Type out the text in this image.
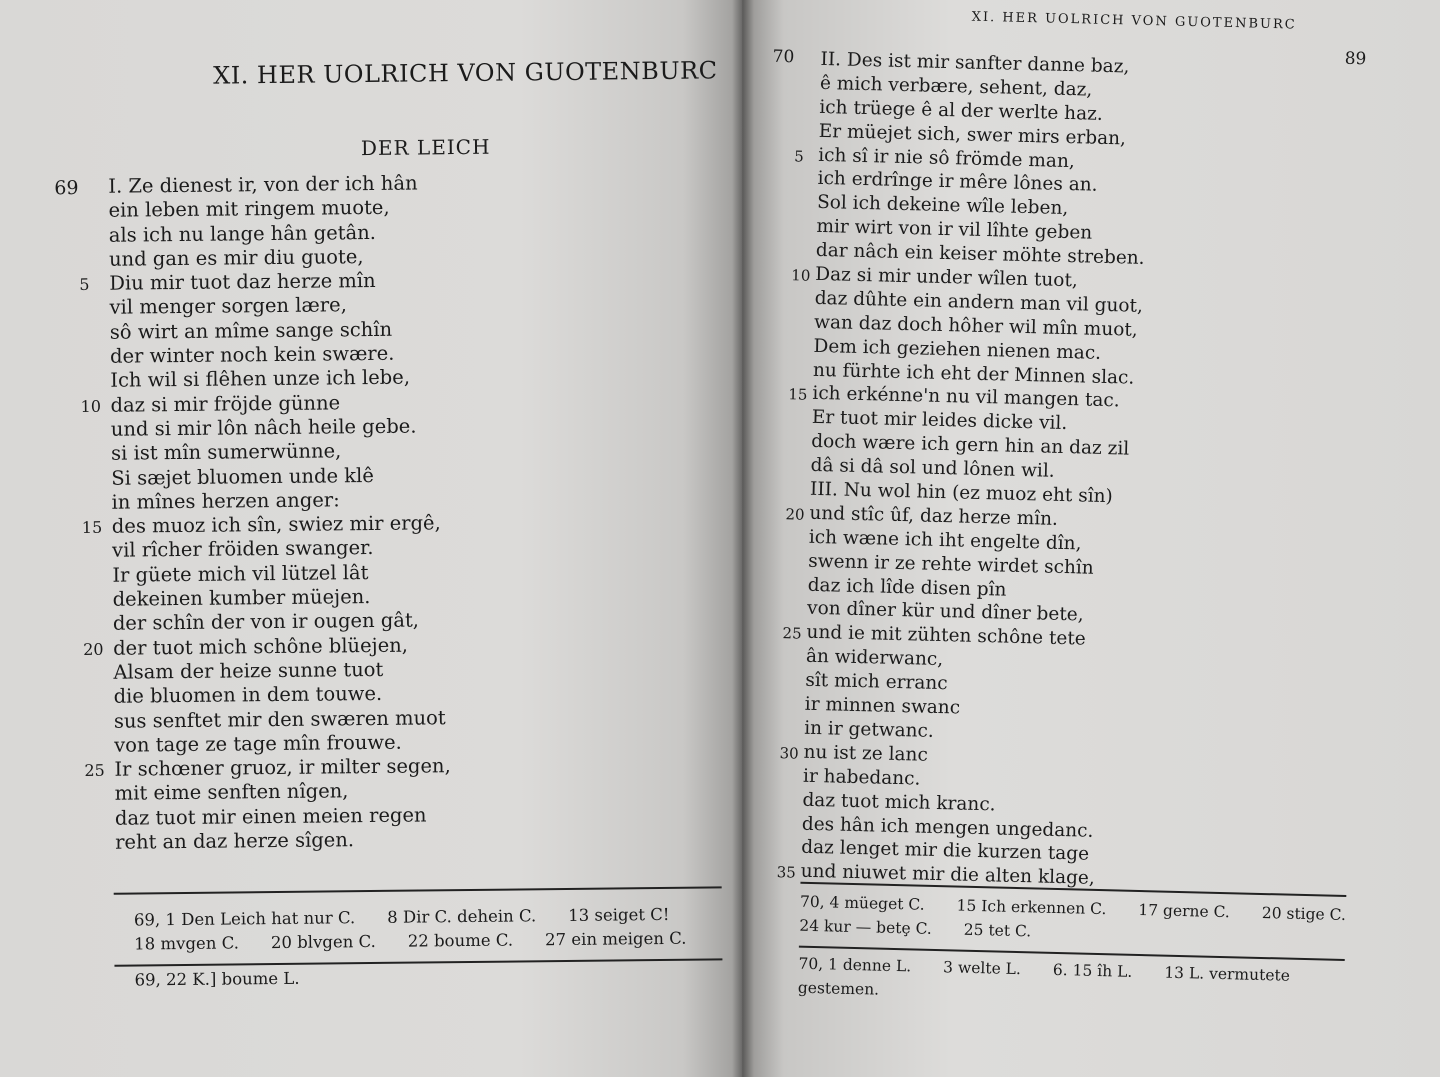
XI. HER UOLRICH VON GUOTENBURC
DER LEICH
69 I. Ze dienest ir, von der ich hân
ein leben mit ringem muote,
als ich nu lange hân getân.
und gan es mir diu guote,
5	Diu mir tuot daz herze mîn
vil menger sorgen lære,
sô wirt an mîme sange schîn
der winter noch kein swære.
Ich wil si flêhen unze ich lebe,
10 daz si mir fröjde günne
und si mir lôn nâch heile gebe.
si ist mîn sumerwünne,
Si sæjet bluomen unde klê
in mînes herzen anger:
15 des muoz ich sîn, swiez mir ergê,
vil rîcher fröiden swanger.
Ir güete mich vil lützel lât
dekeinen kumber müejen.
der schîn der von ir ougen gât,
20 der tuot mich schône blüejen,
Alsam der heize sunne tuot
die bluomen in dem touwe.
sus senftet mir den swæren muot
von tage ze tage mîn frouwe.
25 Ir schœner gruoz, ir milter segen,
mit eime senften nîgen,
daz tuot mir einen meien regen
reht an daz herze sîgen.
69, 1 Den Leich hat nur C. 8 Dir C. dehein C. 13 seiget C!
18 mvgen C. 20 blvgen C. 22 boume C. 27 ein meigen C.
69, 22 K.] boume L.
XI. HER UOLRICH VON GUOTENBURC
89
70 II. Des ist mir sanfter danne baz,
ê mich verbære, sehent, daz,
ich trüege ê al der werlte haz.
Er müejet sich, swer mirs erban,
5 ich sî ir nie sô frömde man,
ich erdrînge ir mêre lônes an.
Sol ich dekeine wîle leben,
mir wirt von ir vil lîhte geben
dar nâch ein keiser möhte streben.
10 Daz si mir under wîlen tuot,
daz dûhte ein andern man vil guot,
wan daz doch hôher wil mîn muot,
Dem ich geziehen nienen mac.
nu fürhte ich eht der Minnen slac.
15 ich erkénne'n nu vil mangen tac.
Er tuot mir leides dicke vil.
doch wære ich gern hin an daz zil
dâ si dâ sol und lônen wil.
III. Nu wol hin (ez muoz eht sîn)
20 und stîc ûf, daz herze mîn.
ich wæne ich iht engelte dîn,
swenn ir ze rehte wirdet schîn
daz ich lîde disen pîn
von dîner kür und dîner bete,
25 und ie mit zühten schône tete
ân widerwanc,
sît mich erranc
ir minnen swanc
in ir getwanc.
30 nu ist ze lanc
ir habedanc.
daz tuot mich kranc.
des hân ich mengen ungedanc.
daz lenget mir die kurzen tage
35 und niuwet mir die alten klage,
70, 4 müeget C. 15 Ich erkennen C. 17 gerne C. 20 stige C.
24 kur — betȩ C. 25 tet C.
70, 1 denne L. 3 welte L. 6. 15 îh L. 13 L. vermutete
gestemen.
